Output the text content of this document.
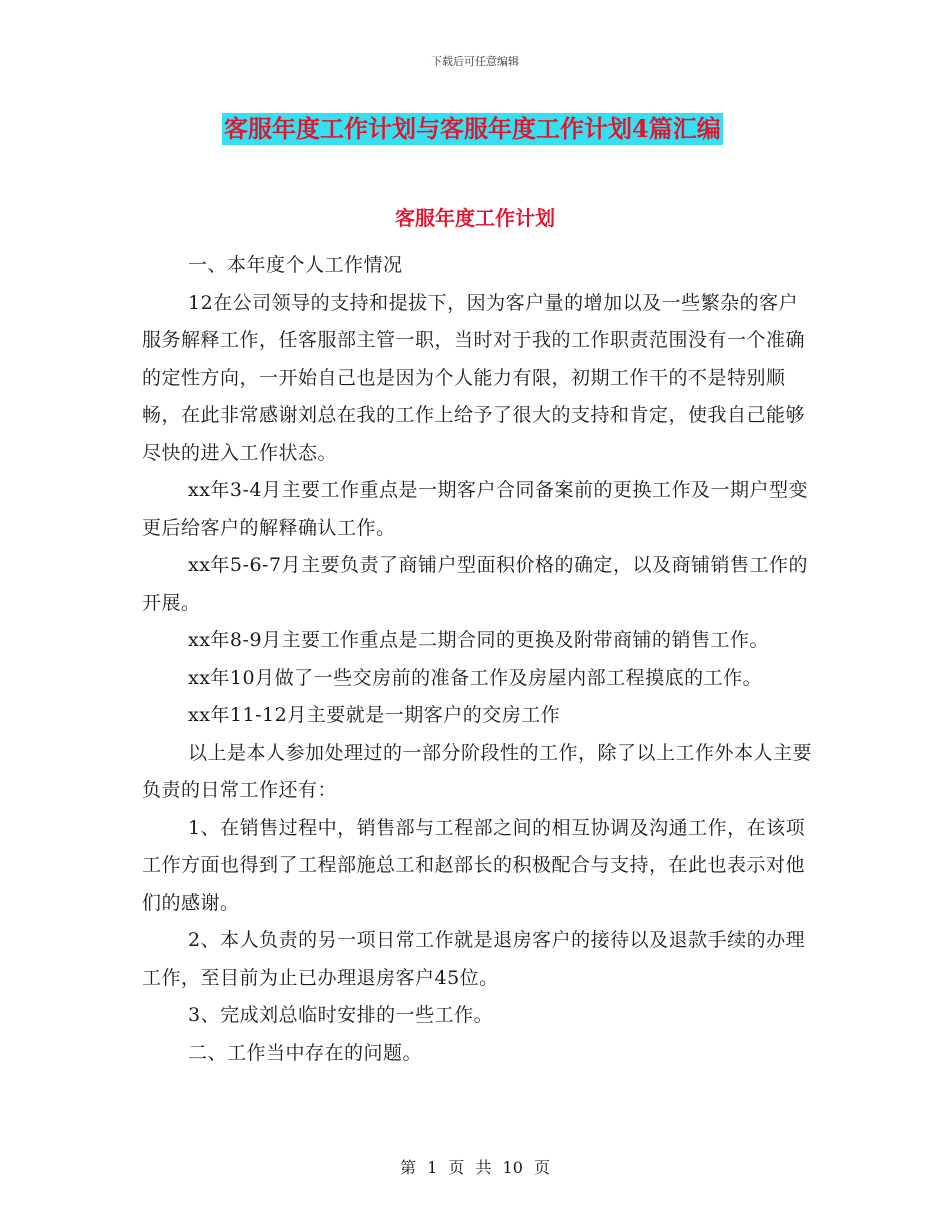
下载后可任意编辑
客服年度工作计划与客服年度工作计划4篇汇编
客服年度工作计划

一、本年度个人工作情况

12在公司领导的支持和提拔下，因为客户量的增加以及一些繁杂的客户服务解释工作，任客服部主管一职，当时对于我的工作职责范围没有一个准确的定性方向，一开始自己也是因为个人能力有限，初期工作干的不是特别顺畅，在此非常感谢刘总在我的工作上给予了很大的支持和肯定，使我自己能够尽快的进入工作状态。

xx年3-4月主要工作重点是一期客户合同备案前的更换工作及一期户型变更后给客户的解释确认工作。

xx年5-6-7月主要负责了商铺户型面积价格的确定，以及商铺销售工作的开展。

xx年8-9月主要工作重点是二期合同的更换及附带商铺的销售工作。

xx年10月做了一些交房前的准备工作及房屋内部工程摸底的工作。

xx年11-12月主要就是一期客户的交房工作

以上是本人参加处理过的一部分阶段性的工作，除了以上工作外本人主要负责的日常工作还有：

1、在销售过程中，销售部与工程部之间的相互协调及沟通工作，在该项工作方面也得到了工程部施总工和赵部长的积极配合与支持，在此也表示对他们的感谢。

2、本人负责的另一项日常工作就是退房客户的接待以及退款手续的办理工作，至目前为止已办理退房客户45位。

3、完成刘总临时安排的一些工作。

二、工作当中存在的问题。

第 1 页 共 10 页
